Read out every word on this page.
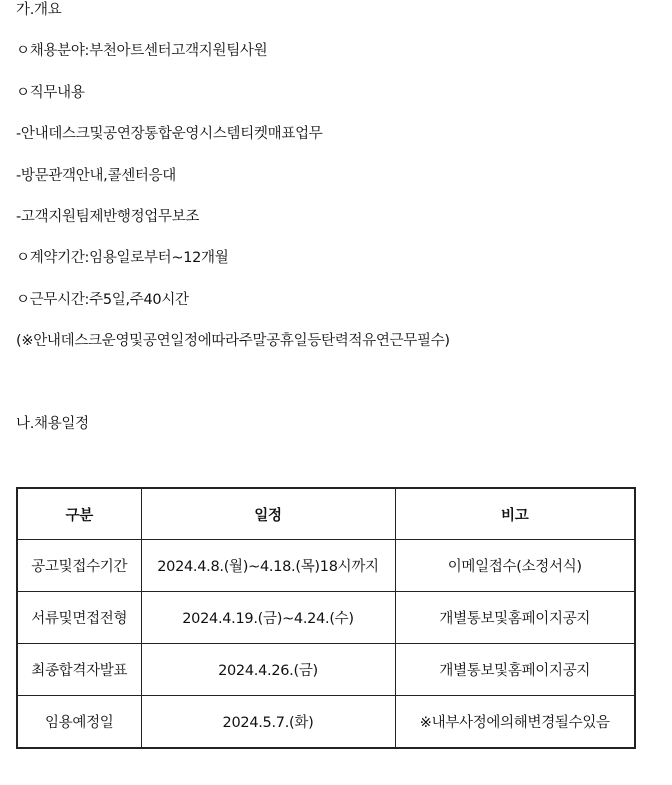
가.개요
ㅇ채용분야:부천아트센터고객지원팀사원
ㅇ직무내용
-안내데스크및공연장통합운영시스템티켓매표업무
-방문관객안내,콜센터응대
-고객지원팀제반행정업무보조
ㅇ계약기간:임용일로부터~12개월
ㅇ근무시간:주5일,주40시간
(※안내데스크운영및공연일정에따라주말공휴일등탄력적유연근무필수)
나.채용일정
구분	일정	비고
공고및접수기간	2024.4.8.(월)~4.18.(목)18시까지	이메일접수(소정서식)
서류및면접전형	2024.4.19.(금)~4.24.(수)	개별통보및홈페이지공지
최종합격자발표	2024.4.26.(금)	개별통보및홈페이지공지
임용예정일	2024.5.7.(화)	※내부사정에의해변경될수있음
